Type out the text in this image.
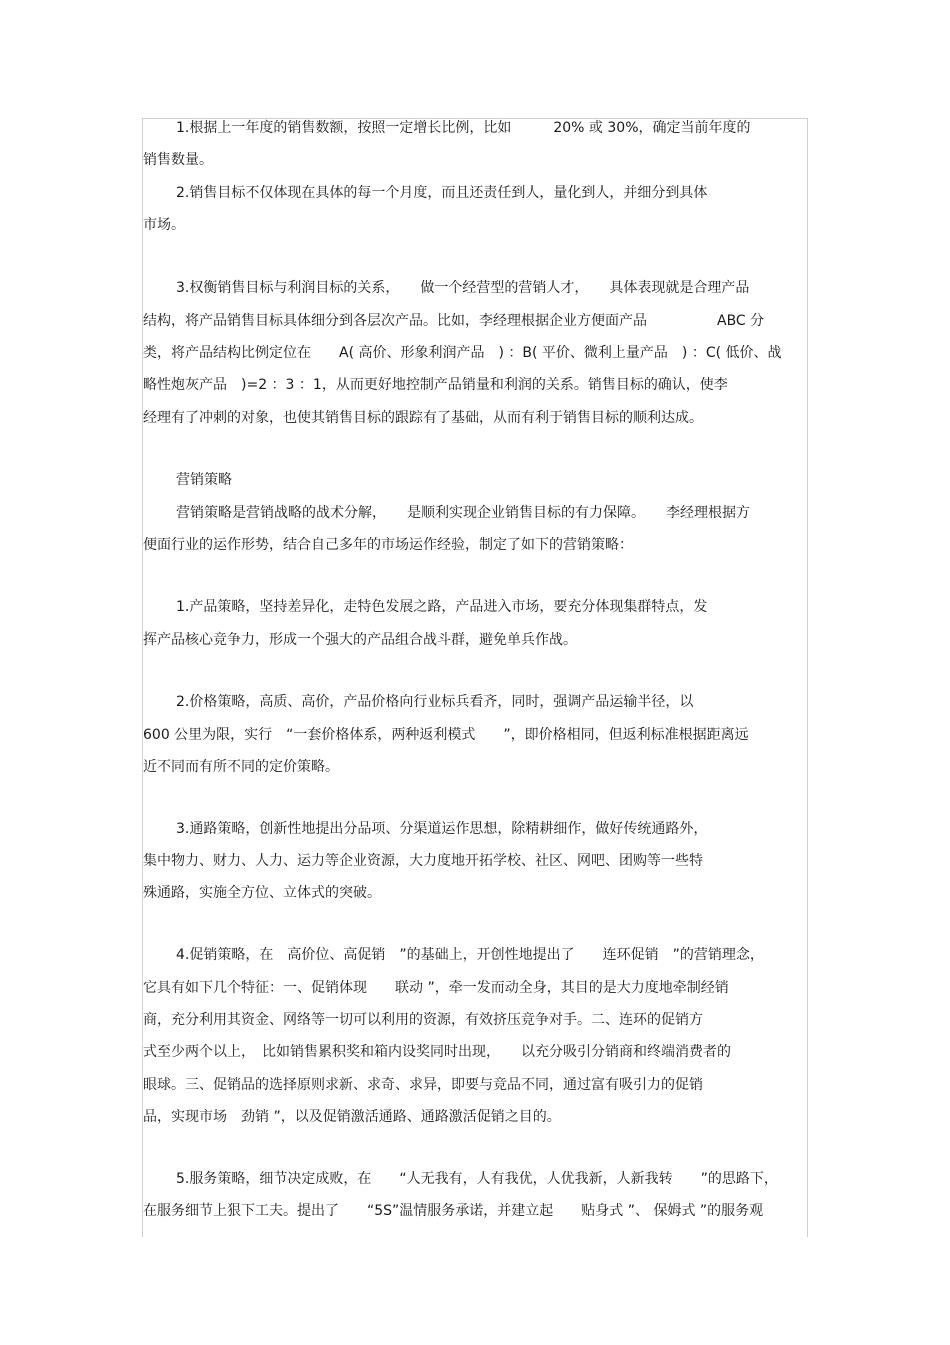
1.根据上一年度的销售数额，按照一定增长比例，比如　　　20% 或 30%，确定当前年度的
销售数量。
2.销售目标不仅体现在具体的每一个月度，而且还责任到人，量化到人，并细分到具体
市场。
3.权衡销售目标与利润目标的关系，　　做一个经营型的营销人才，　　具体表现就是合理产品
结构，将产品销售目标具体细分到各层次产品。比如，李经理根据企业方便面产品　　　　　ABC 分
类，将产品结构比例定位在　　A( 高价、形象利润产品　) ：B( 平价、微利上量产品　) ：C( 低价、战
略性炮灰产品　)=2 ：3 ：1，从而更好地控制产品销量和利润的关系。销售目标的确认，使李
经理有了冲刺的对象，也使其销售目标的跟踪有了基础，从而有利于销售目标的顺利达成。
营销策略
营销策略是营销战略的战术分解，　　是顺利实现企业销售目标的有力保障。　　李经理根据方
便面行业的运作形势，结合自己多年的市场运作经验，制定了如下的营销策略：
1.产品策略，坚持差异化，走特色发展之路，产品进入市场，要充分体现集群特点，发
挥产品核心竞争力，形成一个强大的产品组合战斗群，避免单兵作战。
2.价格策略，高质、高价，产品价格向行业标兵看齐，同时，强调产品运输半径，以
600 公里为限，实行　“一套价格体系，两种返利模式　　”，即价格相同，但返利标准根据距离远
近不同而有所不同的定价策略。
3.通路策略，创新性地提出分品项、分渠道运作思想，除精耕细作，做好传统通路外，
集中物力、财力、人力、运力等企业资源，大力度地开拓学校、社区、网吧、团购等一些特
殊通路，实施全方位、立体式的突破。
4.促销策略，在　高价位、高促销　”的基础上，开创性地提出了　　连环促销　”的营销理念，
它具有如下几个特征：一、促销体现　　联动 ”，牵一发而动全身，其目的是大力度地牵制经销
商，充分利用其资金、网络等一切可以利用的资源，有效挤压竞争对手。二、连环的促销方
式至少两个以上，　比如销售累积奖和箱内设奖同时出现，　　以充分吸引分销商和终端消费者的
眼球。三、促销品的选择原则求新、求奇、求异，即要与竞品不同，通过富有吸引力的促销
品，实现市场　劲销 ”，以及促销激活通路、通路激活促销之目的。
5.服务策略，细节决定成败，在　　“人无我有，人有我优，人优我新，人新我转　　”的思路下，
在服务细节上狠下工夫。提出了　　“5S”温情服务承诺，并建立起　　贴身式 ”、 保姆式 ”的服务观
